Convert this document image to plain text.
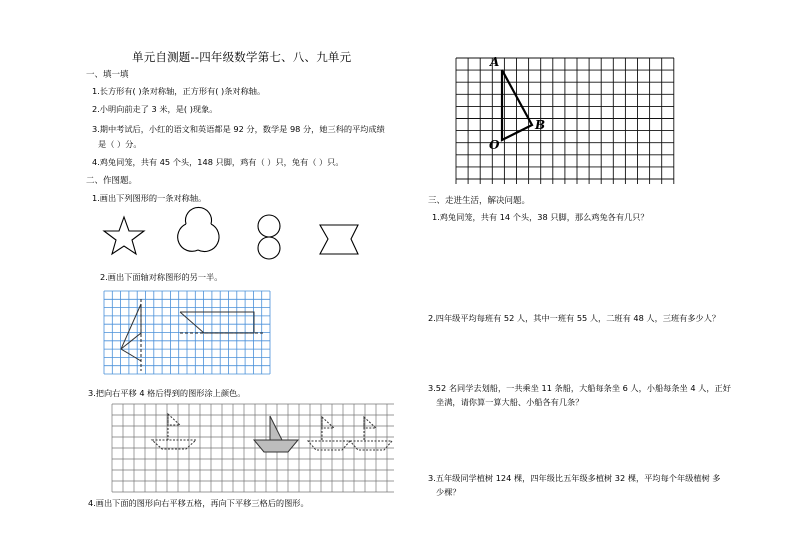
单元自测题--四年级数学第七、八、九单元
一、填一填
1.长方形有( )条对称轴，正方形有( )条对称轴。
2.小明向前走了 3 米，是( )现象。
3.期中考试后，小红的语文和英语都是 92 分，数学是 98 分，她三科的平均成绩
是（ ）分。
4.鸡兔同笼，共有 45 个头，148 只脚，鸡有（ ）只，兔有（ ）只。
二、作图题。
1.画出下列图形的一条对称轴。
2.画出下面轴对称图形的另一半。
3.把向右平移 4 格后得到的图形涂上颜色。
4.画出下面的图形向右平移五格，再向下平移三格后的图形。
A
B
O
三、走进生活，解决问题。
1.鸡兔同笼，共有 14 个头，38 只脚，那么鸡兔各有几只？
2.四年级平均每班有 52 人，其中一班有 55 人，二班有 48 人，三班有多少人？
3.52 名同学去划船，一共乘坐 11 条船，大船每条坐 6 人，小船每条坐 4 人，正好
坐满，请你算一算大船、小船各有几条？
3.五年级同学植树 124 棵，四年级比五年级多植树 32 棵，平均每个年级植树 多
少棵？
